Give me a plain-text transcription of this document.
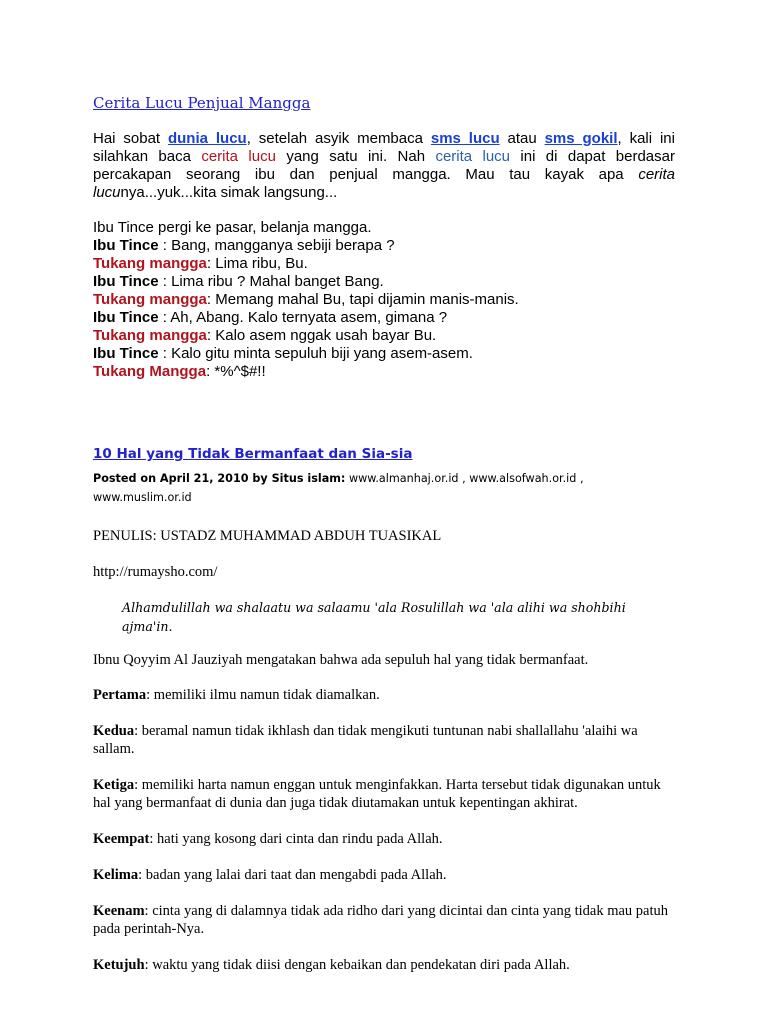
Cerita Lucu Penjual Mangga

Hai sobat dunia lucu, setelah asyik membaca sms lucu atau sms gokil, kali ini silahkan baca cerita lucu yang satu ini. Nah cerita lucu ini di dapat berdasar percakapan seorang ibu dan penjual mangga. Mau tau kayak apa cerita lucunya...yuk...kita simak langsung...

Ibu Tince pergi ke pasar, belanja mangga.
Ibu Tince : Bang, mangganya sebiji berapa ?
Tukang mangga: Lima ribu, Bu.
Ibu Tince : Lima ribu ? Mahal banget Bang.
Tukang mangga: Memang mahal Bu, tapi dijamin manis-manis.
Ibu Tince : Ah, Abang. Kalo ternyata asem, gimana ?
Tukang mangga: Kalo asem nggak usah bayar Bu.
Ibu Tince : Kalo gitu minta sepuluh biji yang asem-asem.
Tukang Mangga: *%^$#!!
10 Hal yang Tidak Bermanfaat dan Sia-sia

Posted on April 21, 2010 by Situs islam: www.almanhaj.or.id , www.alsofwah.or.id , www.muslim.or.id

PENULIS: USTADZ MUHAMMAD ABDUH TUASIKAL

http://rumaysho.com/

Alhamdulillah wa shalaatu wa salaamu 'ala Rosulillah wa 'ala alihi wa shohbihi ajma'in.

Ibnu Qoyyim Al Jauziyah mengatakan bahwa ada sepuluh hal yang tidak bermanfaat.

Pertama: memiliki ilmu namun tidak diamalkan.

Kedua: beramal namun tidak ikhlash dan tidak mengikuti tuntunan nabi shallallahu 'alaihi wa sallam.

Ketiga: memiliki harta namun enggan untuk menginfakkan. Harta tersebut tidak digunakan untuk hal yang bermanfaat di dunia dan juga tidak diutamakan untuk kepentingan akhirat.

Keempat: hati yang kosong dari cinta dan rindu pada Allah.

Kelima: badan yang lalai dari taat dan mengabdi pada Allah.

Keenam: cinta yang di dalamnya tidak ada ridho dari yang dicintai dan cinta yang tidak mau patuh pada perintah-Nya.

Ketujuh: waktu yang tidak diisi dengan kebaikan dan pendekatan diri pada Allah.
